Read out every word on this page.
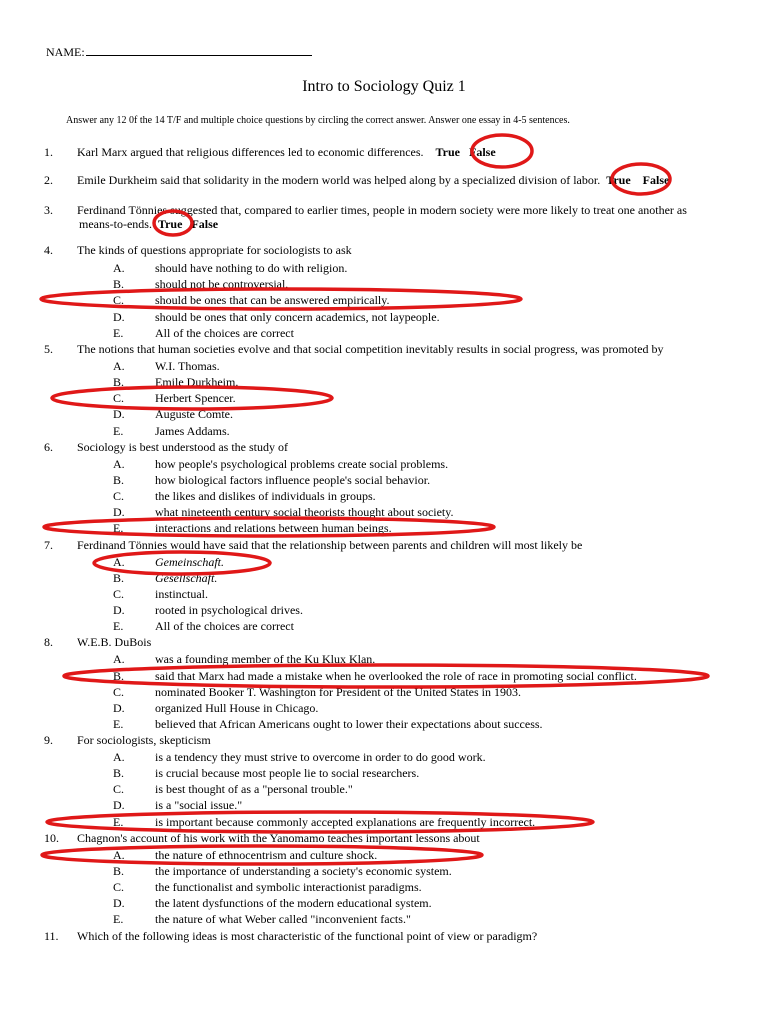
NAME:
Intro to Sociology Quiz 1
Answer any 12 0f the 14 T/F and multiple choice questions by circling the correct answer. Answer one essay in 4-5 sentences.
1. Karl Marx argued that religious differences led to economic differences. True False
2. Emile Durkheim said that solidarity in the modern world was helped along by a specialized division of labor. True False
3. Ferdinand Tönnies suggested that, compared to earlier times, people in modern society were more likely to treat one another as
means-to-ends. True False
4. The kinds of questions appropriate for sociologists to ask
A.	should have nothing to do with religion.
B.	should not be controversial.
C.	should be ones that can be answered empirically.
D.	should be ones that only concern academics, not laypeople.
E.	All of the choices are correct
5. The notions that human societies evolve and that social competition inevitably results in social progress, was promoted by
A.	W.I. Thomas.
B.	Emile Durkheim.
C.	Herbert Spencer.
D.	Auguste Comte.
E.	James Addams.
6. Sociology is best understood as the study of
A.	how people's psychological problems create social problems.
B.	how biological factors influence people's social behavior.
C.	the likes and dislikes of individuals in groups.
D.	what nineteenth century social theorists thought about society.
E.	interactions and relations between human beings.
7. Ferdinand Tönnies would have said that the relationship between parents and children will most likely be
A.	Gemeinschaft.
B.	Gesellschaft.
C.	instinctual.
D.	rooted in psychological drives.
E.	All of the choices are correct
8. W.E.B. DuBois
A.	was a founding member of the Ku Klux Klan.
B.	said that Marx had made a mistake when he overlooked the role of race in promoting social conflict.
C.	nominated Booker T. Washington for President of the United States in 1903.
D.	organized Hull House in Chicago.
E.	believed that African Americans ought to lower their expectations about success.
9. For sociologists, skepticism
A.	is a tendency they must strive to overcome in order to do good work.
B.	is crucial because most people lie to social researchers.
C.	is best thought of as a "personal trouble."
D.	is a "social issue."
E.	is important because commonly accepted explanations are frequently incorrect.
10. Chagnon's account of his work with the Yanomamo teaches important lessons about
A.	the nature of ethnocentrism and culture shock.
B.	the importance of understanding a society's economic system.
C.	the functionalist and symbolic interactionist paradigms.
D.	the latent dysfunctions of the modern educational system.
E.	the nature of what Weber called "inconvenient facts."
11. Which of the following ideas is most characteristic of the functional point of view or paradigm?
